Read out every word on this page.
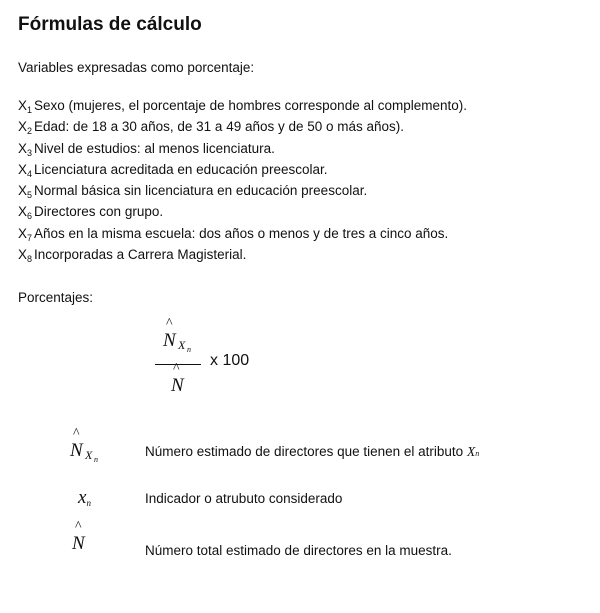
Fórmulas de cálculo
Variables expresadas como porcentaje:
$X_1$ Sexo (mujeres, el porcentaje de hombres corresponde al complemento).
$X_2$ Edad: de 18 a 30 años, de 31 a 49 años y de 50 o más años).
$X_3$ Nivel de estudios: al menos licenciatura.
$X_4$ Licenciatura acreditada en educación preescolar.
$X_5$ Normal básica sin licenciatura en educación preescolar.
$X_6$ Directores con grupo.
$X_7$ Años en la misma escuela: dos años o menos y de tres a cinco años.
$X_8$ Incorporadas a Carrera Magisterial.
Porcentajes:
^
N X n
^
N
x 100
^
N X n
Número estimado de directores que tienen el atributo Xn
xn	Indicador o atrubuto considerado
^
N	Número total estimado de directores en la muestra.
